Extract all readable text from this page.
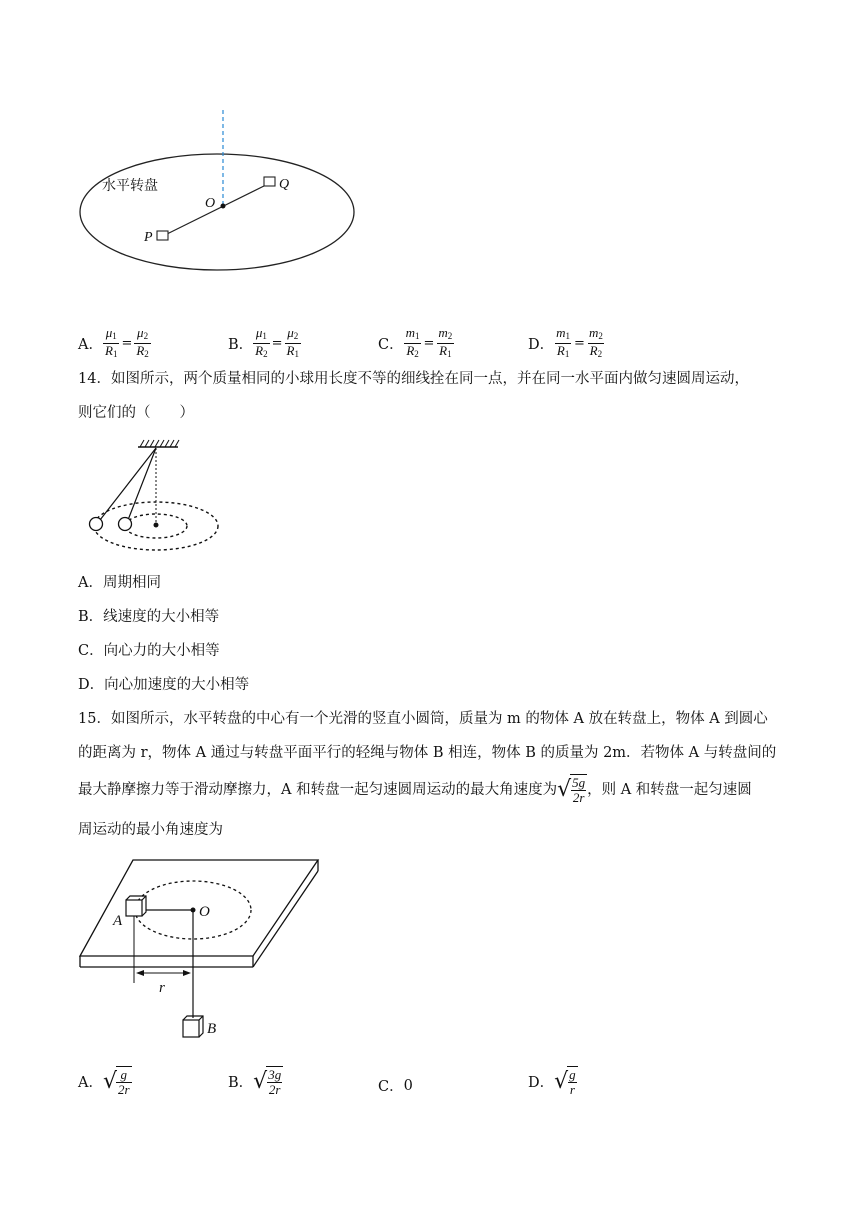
水平转盘
O
P
Q
A． $\frac{\mu_1}{R_1} = \frac{\mu_2}{R_2}$	B． $\frac{\mu_1}{R_2} = \frac{\mu_2}{R_1}$	C． $\frac{m_1}{R_2} = \frac{m_2}{R_1}$	D． $\frac{m_1}{R_1} = \frac{m_2}{R_2}$
14．如图所示，两个质量相同的小球用长度不等的细线拴在同一点，并在同一水平面内做匀速圆周运动，
则它们的（　　）
A．周期相同
B．线速度的大小相等
C．向心力的大小相等
D．向心加速度的大小相等
15．如图所示，水平转盘的中心有一个光滑的竖直小圆筒，质量为 m 的物体 A 放在转盘上，物体 A 到圆心
的距离为 r，物体 A 通过与转盘平面平行的轻绳与物体 B 相连，物体 B 的质量为 2m．若物体 A 与转盘间的
最大静摩擦力等于滑动摩擦力，A 和转盘一起匀速圆周运动的最大角速度为 √ $\frac{5g}{2r}$ ，则 A 和转盘一起匀速圆
周运动的最小角速度为
A
O
r
B
A． √ $\frac{g}{2r}$	B． √ $\frac{3g}{2r}$	C． 0	D． √ $\frac{g}{r}$
